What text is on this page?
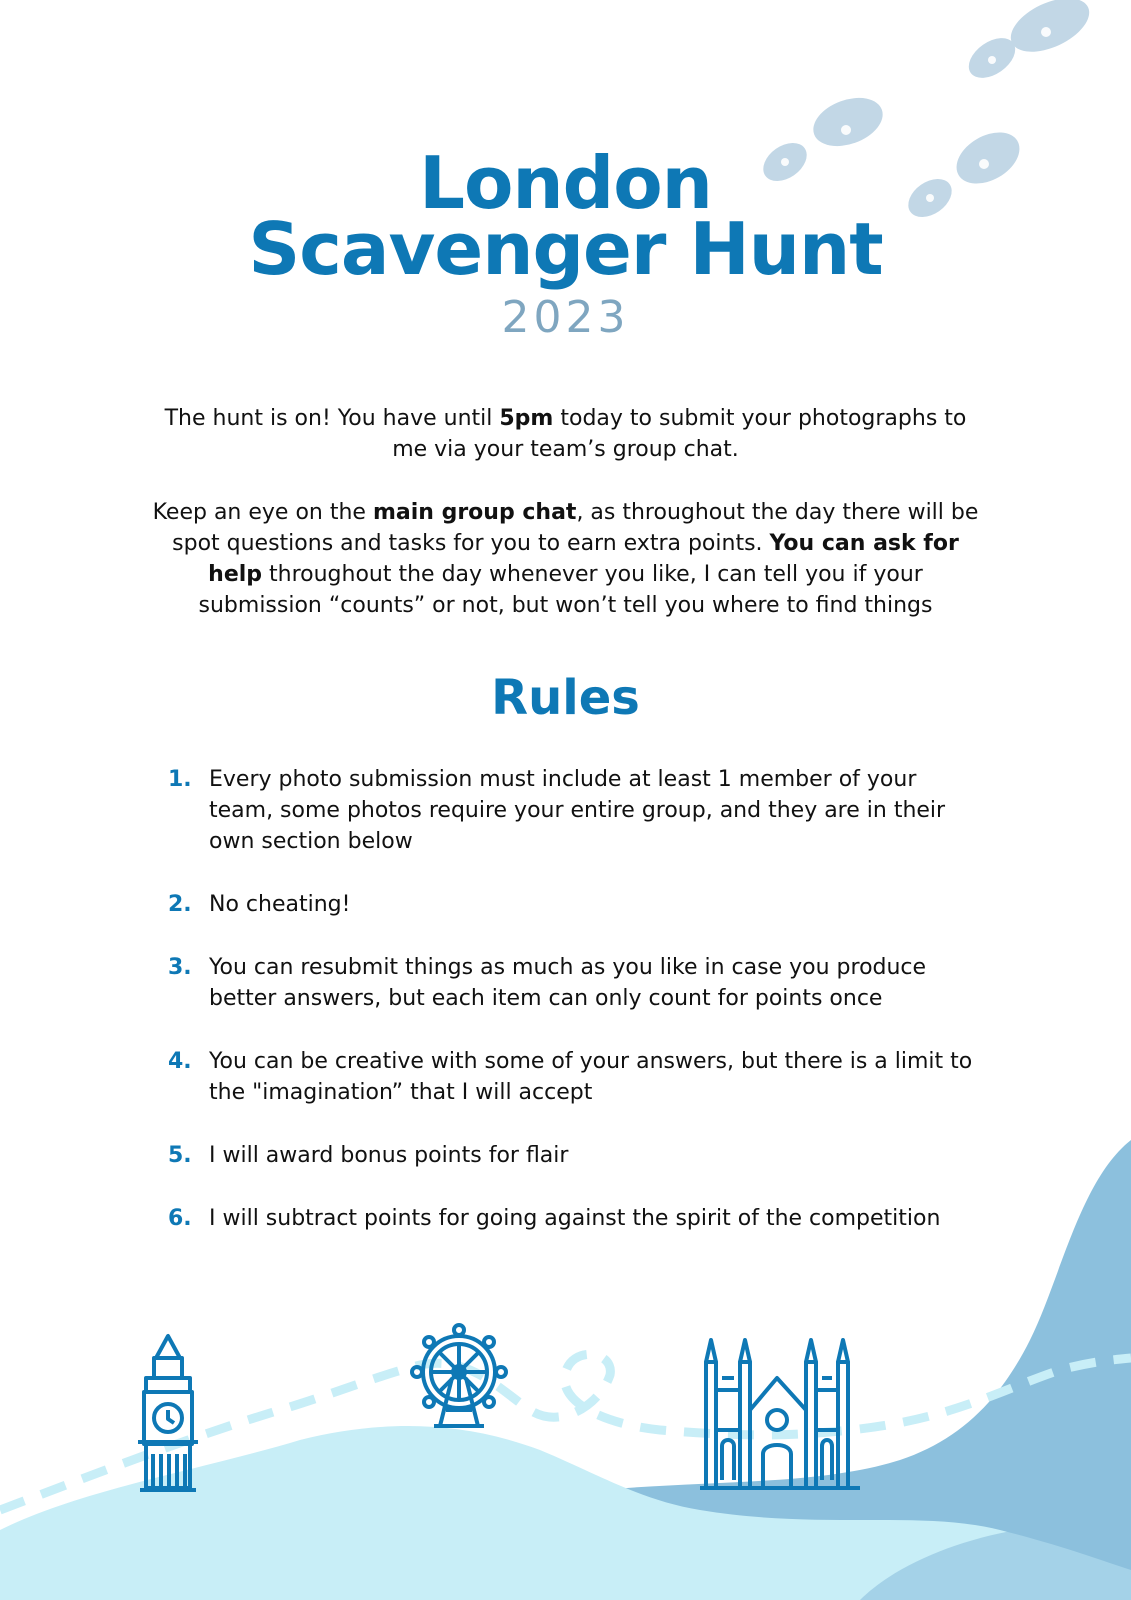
London
Scavenger Hunt
2023
The hunt is on! You have until 5pm today to submit your photographs to me via your team’s group chat.
Keep an eye on the main group chat, as throughout the day there will be spot questions and tasks for you to earn extra points. You can ask for help throughout the day whenever you like, I can tell you if your submission “counts” or not, but won’t tell you where to find things
Rules
1. Every photo submission must include at least 1 member of your team, some photos require your entire group, and they are in their own section below
2. No cheating!
3. You can resubmit things as much as you like in case you produce better answers, but each item can only count for points once
4. You can be creative with some of your answers, but there is a limit to the "imagination” that I will accept
5. I will award bonus points for flair
6. I will subtract points for going against the spirit of the competition
